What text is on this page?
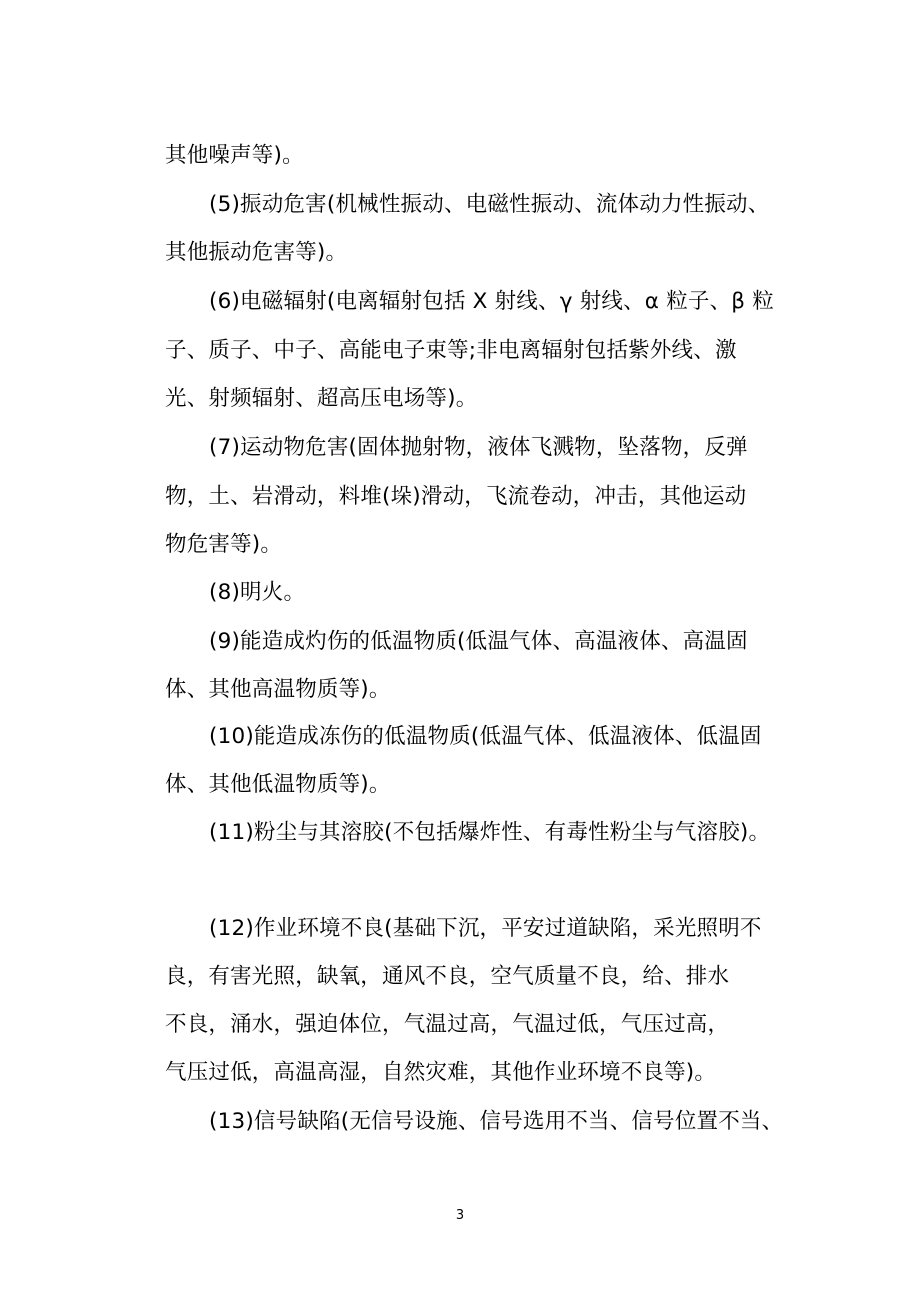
其他噪声等)。
(5)振动危害(机械性振动、电磁性振动、流体动力性振动、
其他振动危害等)。
(6)电磁辐射(电离辐射包括 X 射线、γ 射线、α 粒子、β 粒
子、质子、中子、高能电子束等;非电离辐射包括紫外线、激
光、射频辐射、超高压电场等)。
(7)运动物危害(固体抛射物，液体飞溅物，坠落物，反弹
物，土、岩滑动，料堆(垛)滑动，飞流卷动，冲击，其他运动
物危害等)。
(8)明火。
(9)能造成灼伤的低温物质(低温气体、高温液体、高温固
体、其他高温物质等)。
(10)能造成冻伤的低温物质(低温气体、低温液体、低温固
体、其他低温物质等)。
(11)粉尘与其溶胶(不包括爆炸性、有毒性粉尘与气溶胶)。
(12)作业环境不良(基础下沉，平安过道缺陷，采光照明不
良，有害光照，缺氧，通风不良，空气质量不良，给、排水
不良，涌水，强迫体位，气温过高，气温过低，气压过高，
气压过低，高温高湿，自然灾难，其他作业环境不良等)。
(13)信号缺陷(无信号设施、信号选用不当、信号位置不当、
3
